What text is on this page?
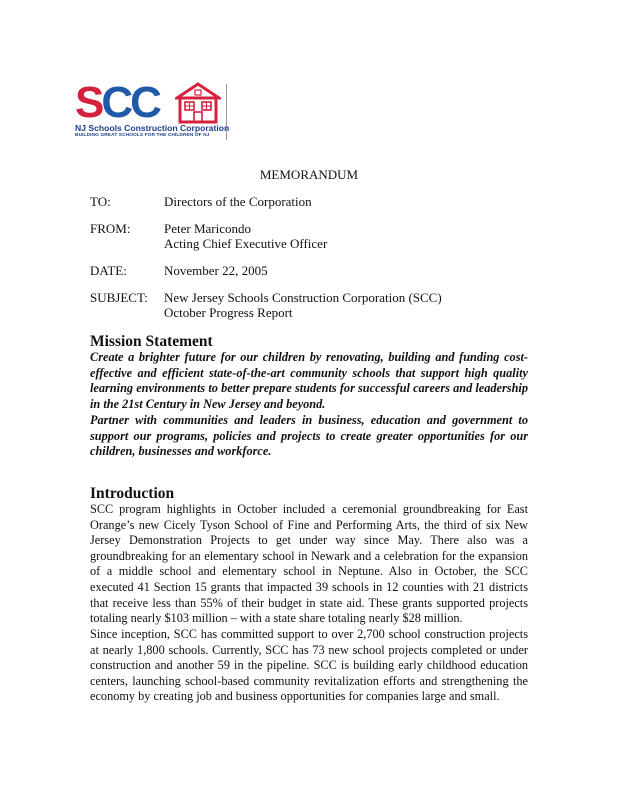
SCC
NJ Schools Construction Corporation
BUILDING GREAT SCHOOLS FOR THE CHILDREN OF NJ
MEMORANDUM
TO:	Directors of the Corporation
FROM:	Peter Maricondo
Acting Chief Executive Officer
DATE:	November 22, 2005
SUBJECT:	New Jersey Schools Construction Corporation (SCC)
October Progress Report
Mission Statement

Create a brighter future for our children by renovating, building and funding cost-effective and efficient state-of-the-art community schools that support high quality learning environments to better prepare students for successful careers and leadership in the 21st Century in New Jersey and beyond.

Partner with communities and leaders in business, education and government to support our programs, policies and projects to create greater opportunities for our children, businesses and workforce.

Introduction

SCC program highlights in October included a ceremonial groundbreaking for East Orange’s new Cicely Tyson School of Fine and Performing Arts, the third of six New Jersey Demonstration Projects to get under way since May. There also was a groundbreaking for an elementary school in Newark and a celebration for the expansion of a middle school and elementary school in Neptune. Also in October, the SCC executed 41 Section 15 grants that impacted 39 schools in 12 counties with 21 districts that receive less than 55% of their budget in state aid. These grants supported projects totaling nearly $103 million – with a state share totaling nearly $28 million.

Since inception, SCC has committed support to over 2,700 school construction projects at nearly 1,800 schools. Currently, SCC has 73 new school projects completed or under construction and another 59 in the pipeline. SCC is building early childhood education centers, launching school-based community revitalization efforts and strengthening the economy by creating job and business opportunities for companies large and small.
